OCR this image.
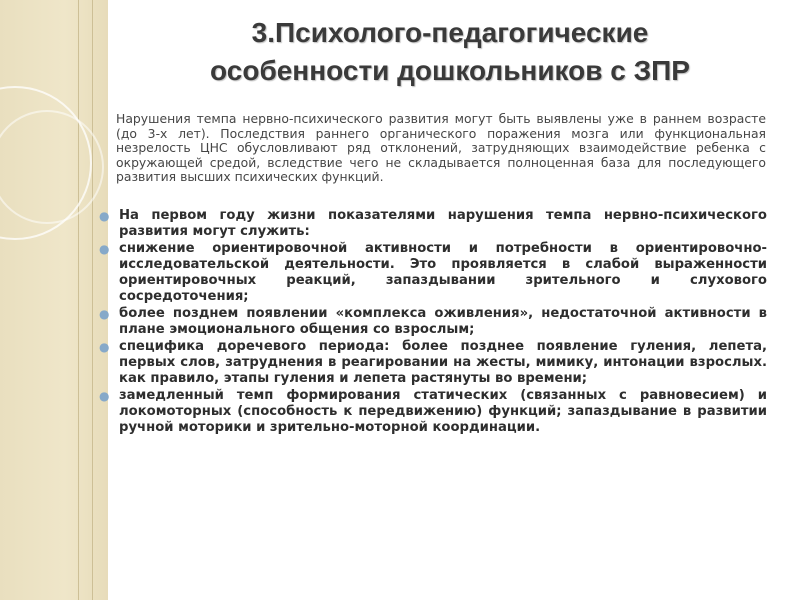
3.Психолого-педагогические
особенности дошкольников с ЗПР
Нарушения темпа нервно-психического развития могут быть выявлены уже в раннем возрасте (до 3-х лет). Последствия раннего органического поражения мозга или функциональная незрелость ЦНС обусловливают ряд отклонений, затрудняющих взаимодействие ребенка с окружающей средой, вследствие чего не складывается полноценная база для последующего развития высших психических функций.
● На первом году жизни показателями нарушения темпа нервно-психического развития могут служить:
● снижение ориентировочной активности и потребности в ориентировочно-исследовательской деятельности. Это проявляется в слабой выраженности ориентировочных реакций, запаздывании зрительного и слухового сосредоточения;
● более позднем появлении «комплекса оживления», недостаточной активности в плане эмоционального общения со взрослым;
● специфика доречевого периода: более позднее появление гуления, лепета, первых слов, затруднения в реагировании на жесты, мимику, интонации взрослых. как правило, этапы гуления и лепета растянуты во времени;
● замедленный темп формирования статических (связанных с равновесием) и локомоторных (способность к передвижению) функций; запаздывание в развитии ручной моторики и зрительно-моторной координации.
